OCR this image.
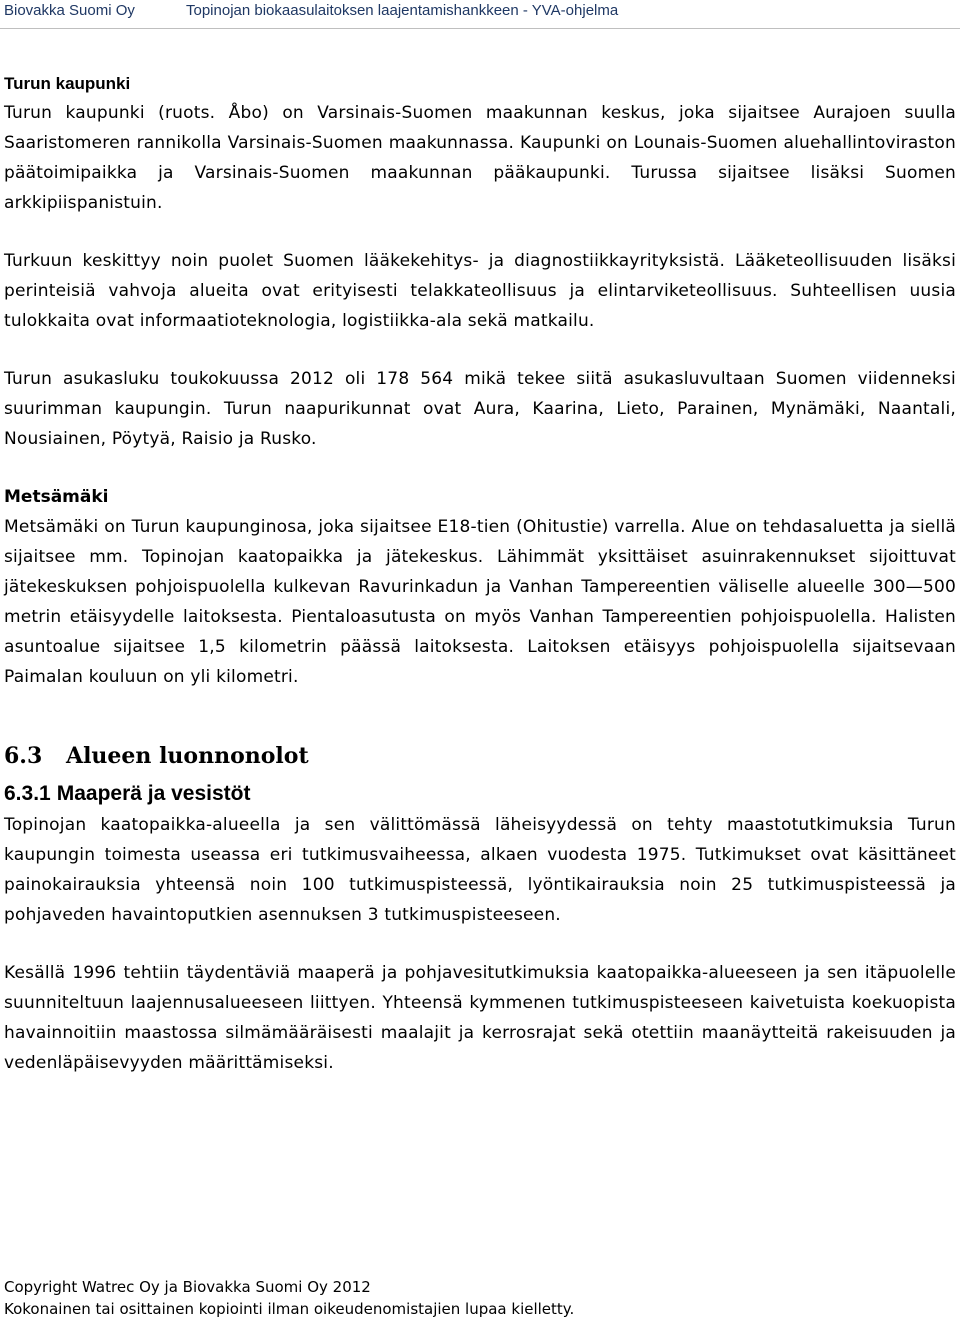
Biovakka Suomi Oy	Topinojan biokaasulaitoksen laajentamishankkeen - YVA-ohjelma
Turun kaupunki

Turun kaupunki (ruots. Åbo) on Varsinais-Suomen maakunnan keskus, joka sijaitsee Aurajoen suulla Saaristomeren rannikolla Varsinais-Suomen maakunnassa. Kaupunki on Lounais-Suomen aluehallintoviraston päätoimipaikka ja Varsinais-Suomen maakunnan pääkaupunki. Turussa sijaitsee lisäksi Suomen arkkipiispanistuin.

Turkuun keskittyy noin puolet Suomen lääkekehitys- ja diagnostiikkayrityksistä. Lääketeollisuuden lisäksi perinteisiä vahvoja alueita ovat erityisesti telakkateollisuus ja elintarviketeollisuus. Suhteellisen uusia tulokkaita ovat informaatioteknologia, logistiikka-ala sekä matkailu.

Turun asukasluku toukokuussa 2012 oli 178 564 mikä tekee siitä asukasluvultaan Suomen viidenneksi suurimman kaupungin. Turun naapurikunnat ovat Aura, Kaarina, Lieto, Parainen, Mynämäki, Naantali, Nousiainen, Pöytyä, Raisio ja Rusko.

Metsämäki

Metsämäki on Turun kaupunginosa, joka sijaitsee E18-tien (Ohitustie) varrella. Alue on tehdasaluetta ja siellä sijaitsee mm. Topinojan kaatopaikka ja jätekeskus. Lähimmät yksittäiset asuinrakennukset sijoittuvat jätekeskuksen pohjoispuolella kulkevan Ravurinkadun ja Vanhan Tampereentien väliselle alueelle 300—500 metrin etäisyydelle laitoksesta. Pientaloasutusta on myös Vanhan Tampereentien pohjoispuolella. Halisten asuntoalue sijaitsee 1,5 kilometrin päässä laitoksesta. Laitoksen etäisyys pohjoispuolella sijaitsevaan Paimalan kouluun on yli kilometri.

6.3 Alueen luonnonolot
6.3.1 Maaperä ja vesistöt

Topinojan kaatopaikka-alueella ja sen välittömässä läheisyydessä on tehty maastotutkimuksia Turun kaupungin toimesta useassa eri tutkimusvaiheessa, alkaen vuodesta 1975. Tutkimukset ovat käsittäneet painokairauksia yhteensä noin 100 tutkimuspisteessä, lyöntikairauksia noin 25 tutkimuspisteessä ja pohjaveden havaintoputkien asennuksen 3 tutkimuspisteeseen.

Kesällä 1996 tehtiin täydentäviä maaperä ja pohjavesitutkimuksia kaatopaikka-alueeseen ja sen itäpuolelle suunniteltuun laajennusalueeseen liittyen. Yhteensä kymmenen tutkimuspisteeseen kaivetuista koekuopista havainnoitiin maastossa silmämääräisesti maalajit ja kerrosrajat sekä otettiin maanäytteitä rakeisuuden ja vedenläpäisevyyden määrittämiseksi.

Copyright Watrec Oy ja Biovakka Suomi Oy 2012
Kokonainen tai osittainen kopiointi ilman oikeudenomistajien lupaa kielletty.
